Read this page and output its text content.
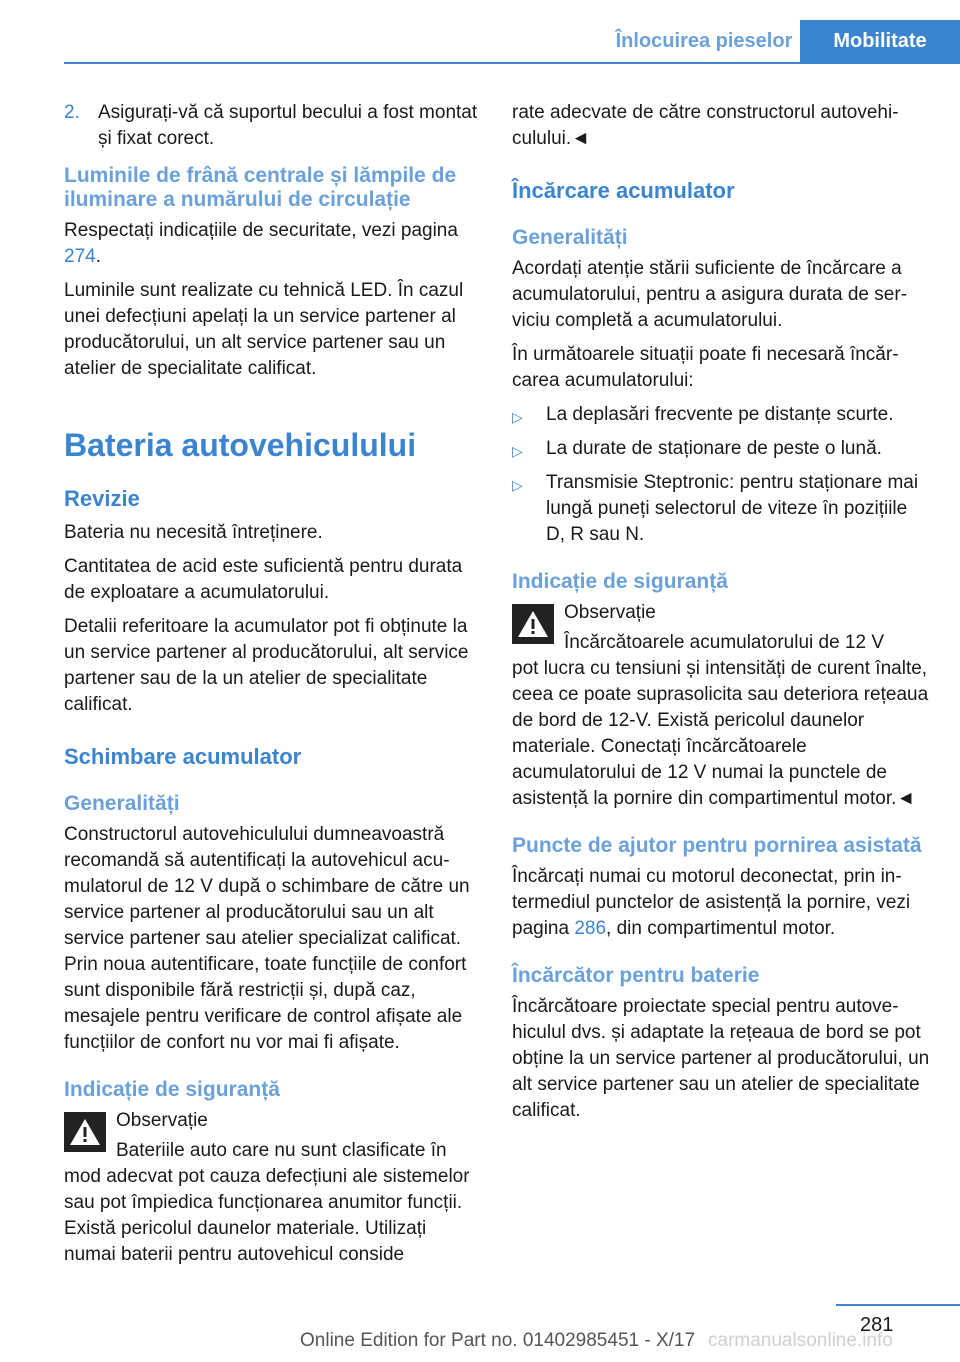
Înlocuirea pieselor	Mobilitate
2. Asigurați-vă că suportul becului a fost montat și fixat corect.
Luminile de frână centrale și lămpile de iluminare a numărului de circulație

Respectați indicațiile de securitate, vezi pagina 274.

Luminile sunt realizate cu tehnică LED. În cazul unei defecțiuni apelați la un service partener al producătorului, un alt service partener sau un atelier de specialitate calificat.

Bateria autovehiculului
Revizie

Bateria nu necesită întreținere.

Cantitatea de acid este suficientă pentru durata de exploatare a acumulatorului.

Detalii referitoare la acumulator pot fi obținute la un service partener al producătorului, alt service partener sau de la un atelier de specialitate calificat.

Schimbare acumulator
Generalități

Constructorul autovehiculului dumneavoastră recomandă să autentificați la autovehicul acumulatorul de 12 V după o schimbare de către un service partener al producătorului sau un alt service partener sau atelier specializat calificat. Prin noua autentificare, toate funcțiile de confort sunt disponibile fără restricții și, după caz, mesajele pentru verificare de control afișate ale funcțiilor de confort nu vor mai fi afișate.

Indicație de siguranță
Observație
Bateriile auto care nu sunt clasificate în
mod adecvat pot cauza defecțiuni ale sistemelor sau pot împiedica funcționarea anumitor funcții. Există pericolul daunelor materiale. Utilizați numai baterii pentru autovehicul conside

rate adecvate de către constructorul autovehiculului.◄

Încărcare acumulator
Generalități

Acordați atenție stării suficiente de încărcare a acumulatorului, pentru a asigura durata de serviciu completă a acumulatorului.

În următoarele situații poate fi necesară încărcarea acumulatorului:

▷	La deplasări frecvente pe distanțe scurte.
▷	La durate de staționare de peste o lună.
▷	Transmisie Steptronic: pentru staționare mai lungă puneți selectorul de viteze în pozițiile D, R sau N.
Indicație de siguranță
Observație
Încărcătoarele acumulatorului de 12 V
pot lucra cu tensiuni și intensități de curent înalte, ceea ce poate suprasolicita sau deteriora rețeaua de bord de 12-V. Există pericolul daunelor materiale. Conectați încărcătoarele acumulatorului de 12 V numai la punctele de asistență la pornire din compartimentul motor.◄
Puncte de ajutor pentru pornirea asistată

Încărcați numai cu motorul deconectat, prin intermediul punctelor de asistență la pornire, vezi pagina 286, din compartimentul motor.

Încărcător pentru baterie

Încărcătoare proiectate special pentru autovehiculul dvs. și adaptate la rețeaua de bord se pot obține la un service partener al producătorului, un alt service partener sau un atelier de specialitate calificat.

281
Online Edition for Part no. 01402985451 - X/17 carmanualsonline.info
